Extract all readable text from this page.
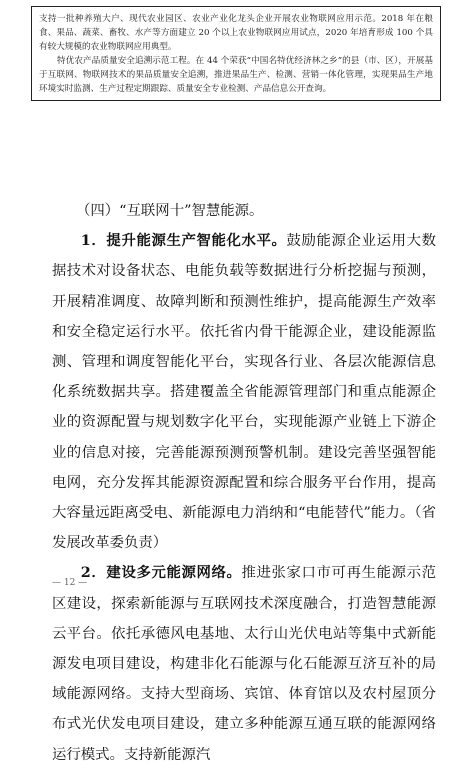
支持一批种养殖大户、现代农业园区、农业产业化龙头企业开展农业物联网应用示范。2018 年在粮食、果品、蔬菜、畜牧、水产等方面建立 20 个以上农业物联网应用试点，2020 年培育形成 100 个具有较大规模的农业物联网应用典型。

特优农产品质量安全追溯示范工程。在 44 个荣获“中国名特优经济林之乡”的县（市、区），开展基于互联网、物联网技术的果品质量安全追溯，推进果品生产、检测、营销一体化管理，实现果品生产地环境实时监测、生产过程定期跟踪、质量安全专业检测、产品信息公开查询。

（四）“互联网十”智慧能源。

1．提升能源生产智能化水平。鼓励能源企业运用大数据技术对设备状态、电能负载等数据进行分析挖掘与预测，开展精准调度、故障判断和预测性维护，提高能源生产效率和安全稳定运行水平。依托省内骨干能源企业，建设能源监测、管理和调度智能化平台，实现各行业、各层次能源信息化系统数据共享。搭建覆盖全省能源管理部门和重点能源企业的资源配置与规划数字化平台，实现能源产业链上下游企业的信息对接，完善能源预测预警机制。建设完善坚强智能电网，充分发挥其能源资源配置和综合服务平台作用，提高大容量远距离受电、新能源电力消纳和“电能替代”能力。（省发展改革委负责）

2．建设多元能源网络。推进张家口市可再生能源示范区建设，探索新能源与互联网技术深度融合，打造智慧能源云平台。依托承德风电基地、太行山光伏电站等集中式新能源发电项目建设，构建非化石能源与化石能源互济互补的局域能源网络。支持大型商场、宾馆、体育馆以及农村屋顶分布式光伏发电项目建设，建立多种能源互通互联的能源网络运行模式。支持新能源汽

— 12 —
